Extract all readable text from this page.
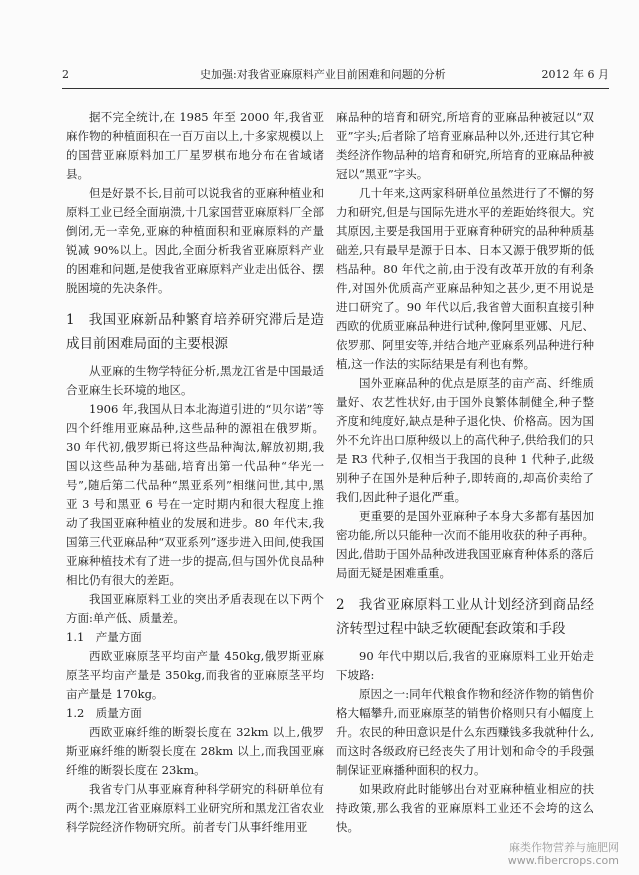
2	史加强:对我省亚麻原料产业目前困难和问题的分析	2012 年 6 月

据不完全统计,在 1985 年至 2000 年,我省亚麻作物的种植面积在一百万亩以上,十多家规模以上的国营亚麻原料加工厂星罗棋布地分布在省域诸县。

但是好景不长,目前可以说我省的亚麻种植业和原料工业已经全面崩溃,十几家国营亚麻原料厂全部倒闭,无一幸免,亚麻的种植面积和亚麻原料的产量锐减 90%以上。因此,全面分析我省亚麻原料产业的困难和问题,是使我省亚麻原料产业走出低谷、摆脱困境的先决条件。

1　我国亚麻新品种繁育培养研究滞后是造成目前困难局面的主要根源

从亚麻的生物学特征分析,黑龙江省是中国最适合亚麻生长环境的地区。

1906 年,我国从日本北海道引进的“贝尔诺”等四个纤维用亚麻品种,这些品种的源祖在俄罗斯。30 年代初,俄罗斯已将这些品种淘汰,解放初期,我国以这些品种为基础,培育出第一代品种“华光一号”,随后第二代品种“黑亚系列”相继问世,其中,黑亚 3 号和黑亚 6 号在一定时期内和很大程度上推动了我国亚麻种植业的发展和进步。80 年代末,我国第三代亚麻品种“双亚系列”逐步进入田间,使我国亚麻种植技术有了进一步的提高,但与国外优良品种相比仍有很大的差距。

我国亚麻原料工业的突出矛盾表现在以下两个方面:单产低、质量差。

1.1　产量方面

西欧亚麻原茎平均亩产量 450kg,俄罗斯亚麻原茎平均亩产量是 350kg,而我省的亚麻原茎平均亩产量是 170kg。

1.2　质量方面

西欧亚麻纤维的断裂长度在 32km 以上,俄罗斯亚麻纤维的断裂长度在 28km 以上,而我国亚麻纤维的断裂长度在 23km。

我省专门从事亚麻育种科学研究的科研单位有两个:黑龙江省亚麻原料工业研究所和黑龙江省农业科学院经济作物研究所。前者专门从事纤维用亚

麻品种的培育和研究,所培育的亚麻品种被冠以“双亚”字头;后者除了培育亚麻品种以外,还进行其它种类经济作物品种的培育和研究,所培育的亚麻品种被冠以“黑亚”字头。

几十年来,这两家科研单位虽然进行了不懈的努力和研究,但是与国际先进水平的差距始终很大。究其原因,主要是我国用于亚麻育种研究的品种种质基础差,只有最早是源于日本、日本又源于俄罗斯的低档品种。80 年代之前,由于没有改革开放的有利条件,对国外优质高产亚麻品种知之甚少,更不用说是进口研究了。90 年代以后,我省曾大面积直接引种西欧的优质亚麻品种进行试种,像阿里亚娜、凡尼、依罗那、阿里安等,并结合地产亚麻系列品种进行种植,这一作法的实际结果是有利也有弊。

国外亚麻品种的优点是原茎的亩产高、纤维质量好、农艺性状好,由于国外良繁体制健全,种子整齐度和纯度好,缺点是种子退化快、价格高。因为国外不允许出口原种级以上的高代种子,供给我们的只是 R3 代种子,仅相当于我国的良种 1 代种子,此级别种子在国外是种后种子,即转商的,却高价卖给了我们,因此种子退化严重。

更重要的是国外亚麻种子本身大多都有基因加密功能,所以只能种一次而不能用收获的种子再种。因此,借助于国外品种改进我国亚麻育种体系的落后局面无疑是困难重重。

2　我省亚麻原料工业从计划经济到商品经济转型过程中缺乏软硬配套政策和手段

90 年代中期以后,我省的亚麻原料工业开始走下坡路:

原因之一:同年代粮食作物和经济作物的销售价格大幅攀升,而亚麻原茎的销售价格则只有小幅度上升。农民的种田意识是什么东西赚钱多我就种什么,而这时各级政府已经丧失了用计划和命令的手段强制保证亚麻播种面积的权力。

如果政府此时能够出台对亚麻种植业相应的扶持政策,那么我省的亚麻原料工业还不会垮的这么快。

麻类作物营养与施肥网
www.fibercrops.com
